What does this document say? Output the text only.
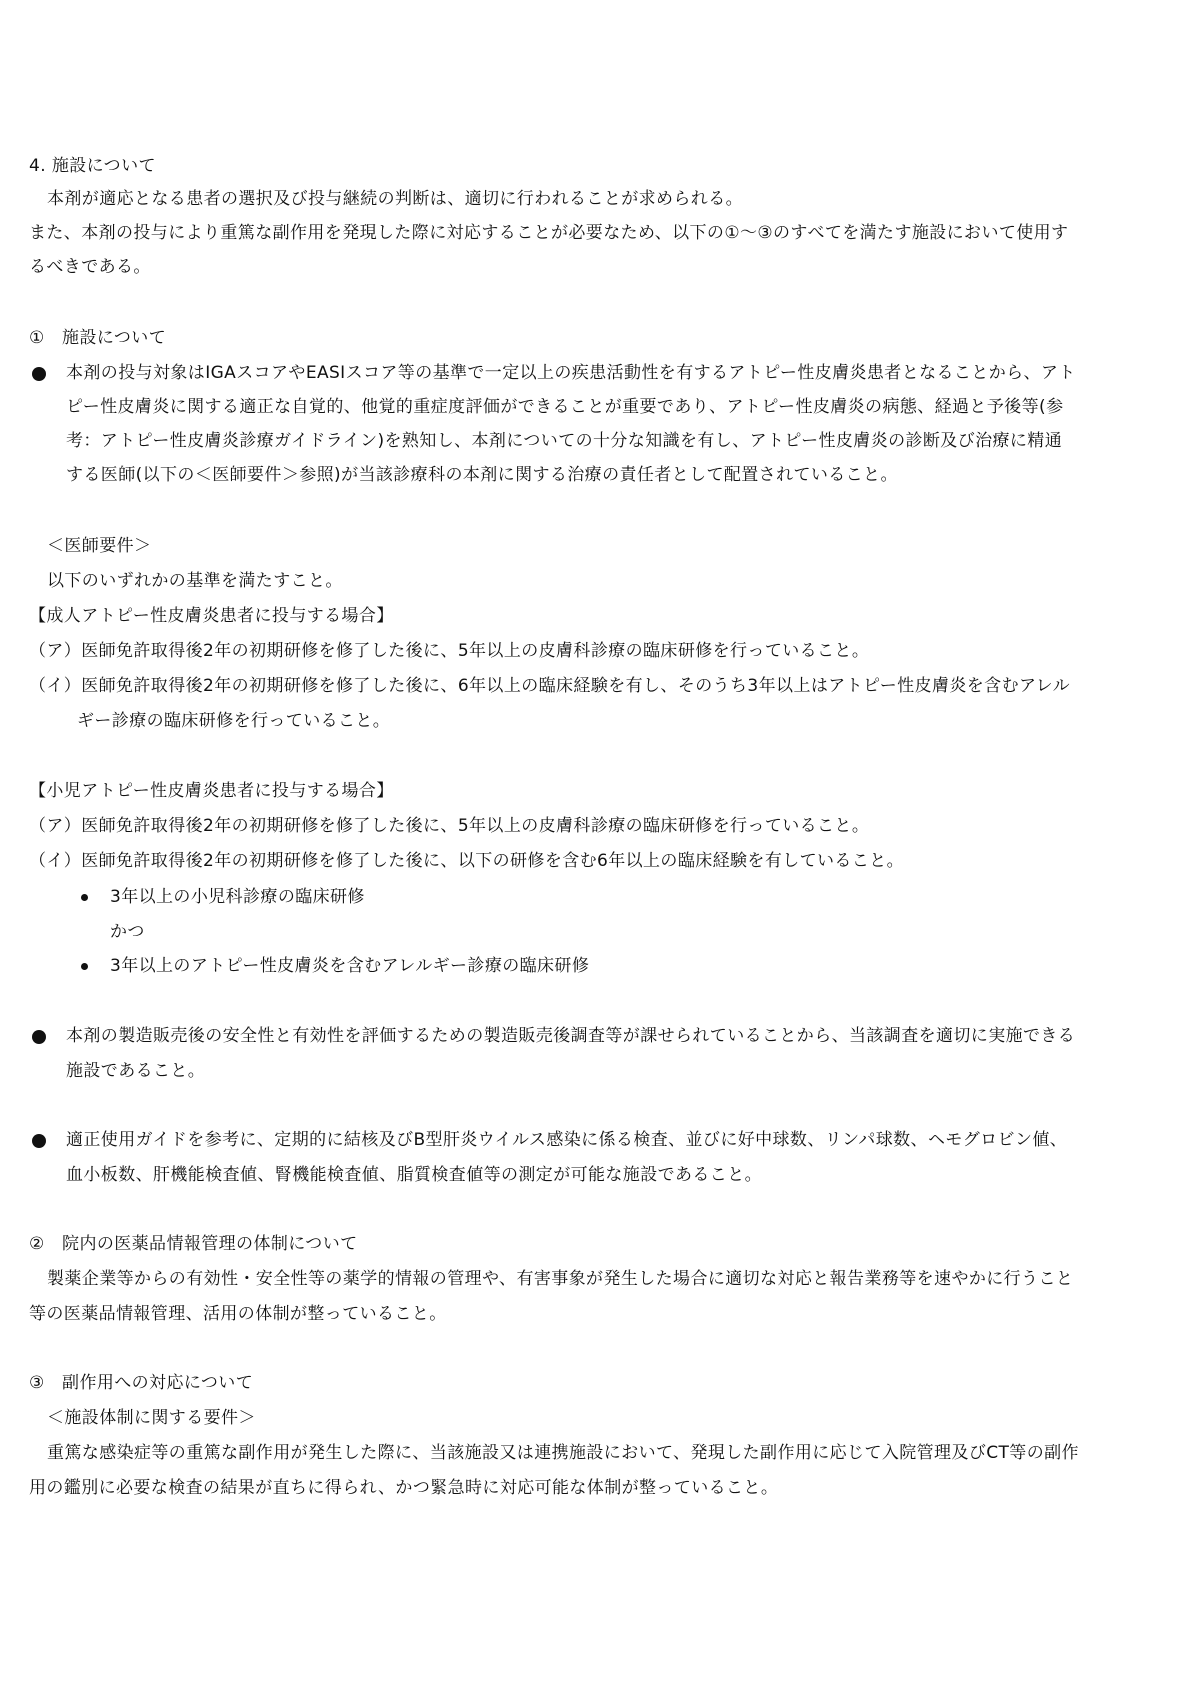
4. 施設について
本剤が適応となる患者の選択及び投与継続の判断は、適切に行われることが求められる。
また、本剤の投与により重篤な副作用を発現した際に対応することが必要なため、以下の①～③のすべてを満たす施設において使用す
るべきである。
①　施設について
本剤の投与対象はIGAスコアやEASIスコア等の基準で一定以上の疾患活動性を有するアトピー性皮膚炎患者となることから、アト
ピー性皮膚炎に関する適正な自覚的、他覚的重症度評価ができることが重要であり、アトピー性皮膚炎の病態、経過と予後等(参
考：アトピー性皮膚炎診療ガイドライン)を熟知し、本剤についての十分な知識を有し、アトピー性皮膚炎の診断及び治療に精通
する医師(以下の＜医師要件＞参照)が当該診療科の本剤に関する治療の責任者として配置されていること。
＜医師要件＞
以下のいずれかの基準を満たすこと。
【成人アトピー性皮膚炎患者に投与する場合】
（ア）医師免許取得後2年の初期研修を修了した後に、5年以上の皮膚科診療の臨床研修を行っていること。
（イ）医師免許取得後2年の初期研修を修了した後に、6年以上の臨床経験を有し、そのうち3年以上はアトピー性皮膚炎を含むアレル
ギー診療の臨床研修を行っていること。
【小児アトピー性皮膚炎患者に投与する場合】
（ア）医師免許取得後2年の初期研修を修了した後に、5年以上の皮膚科診療の臨床研修を行っていること。
（イ）医師免許取得後2年の初期研修を修了した後に、以下の研修を含む6年以上の臨床経験を有していること。
3年以上の小児科診療の臨床研修
かつ
3年以上のアトピー性皮膚炎を含むアレルギー診療の臨床研修
本剤の製造販売後の安全性と有効性を評価するための製造販売後調査等が課せられていることから、当該調査を適切に実施できる
施設であること。
適正使用ガイドを参考に、定期的に結核及びB型肝炎ウイルス感染に係る検査、並びに好中球数、リンパ球数、ヘモグロビン値、
血小板数、肝機能検査値、腎機能検査値、脂質検査値等の測定が可能な施設であること。
②　院内の医薬品情報管理の体制について
製薬企業等からの有効性・安全性等の薬学的情報の管理や、有害事象が発生した場合に適切な対応と報告業務等を速やかに行うこと
等の医薬品情報管理、活用の体制が整っていること。
③　副作用への対応について
＜施設体制に関する要件＞
重篤な感染症等の重篤な副作用が発生した際に、当該施設又は連携施設において、発現した副作用に応じて入院管理及びCT等の副作
用の鑑別に必要な検査の結果が直ちに得られ、かつ緊急時に対応可能な体制が整っていること。
